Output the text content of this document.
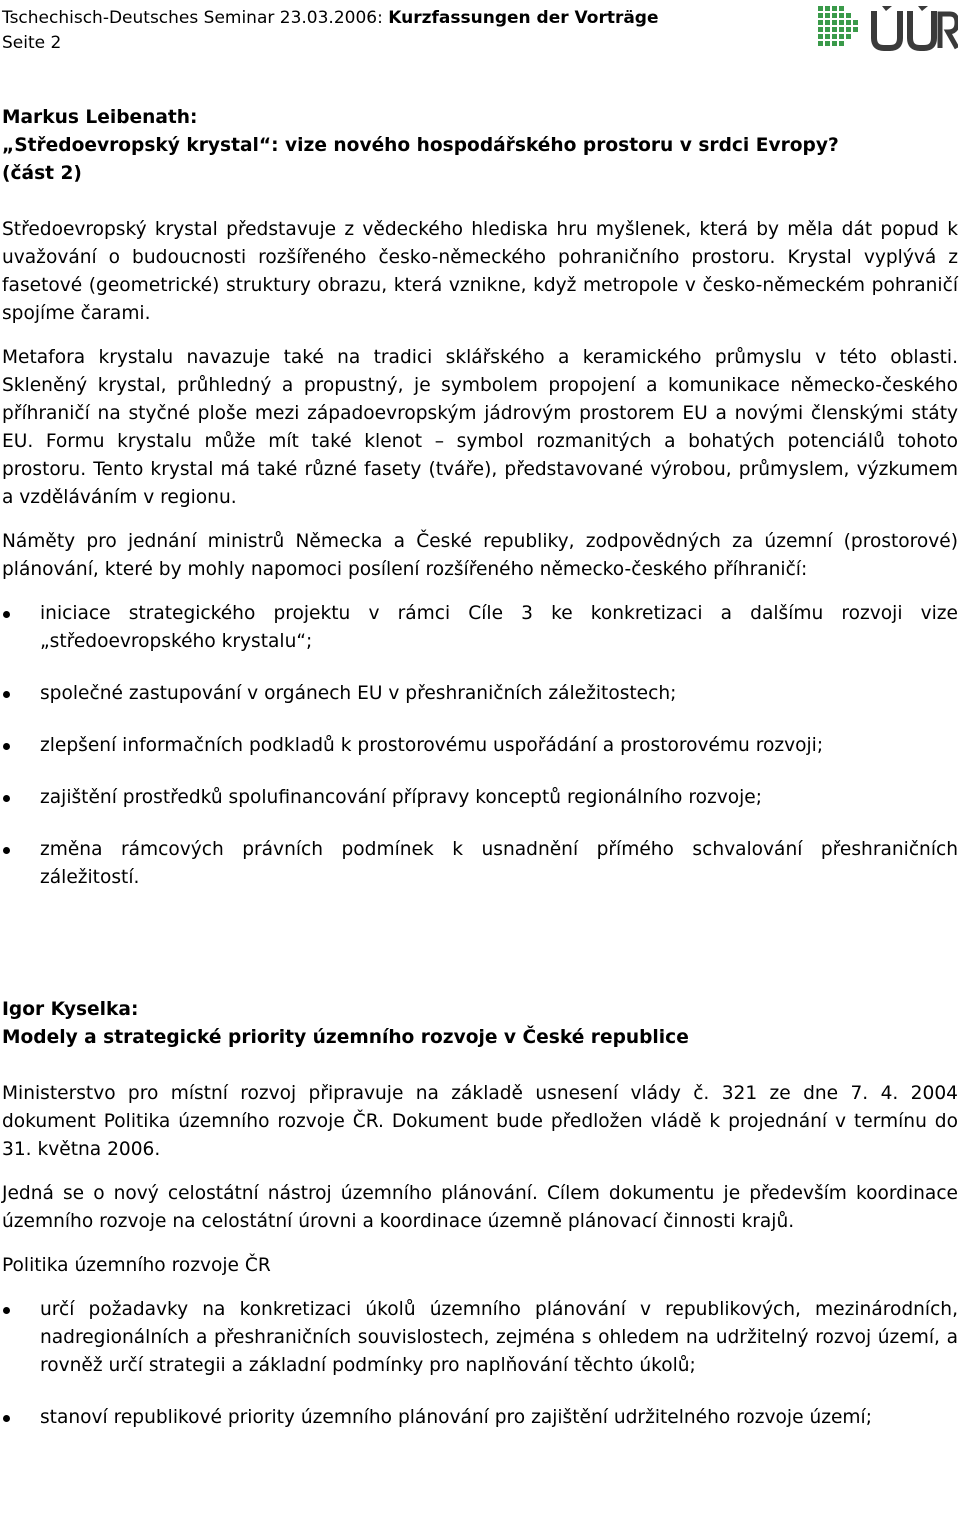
Tschechisch-Deutsches Seminar 23.03.2006: Kurzfassungen der Vorträge
Seite 2

Markus Leibenath:

„Středoevropský krystal“: vize nového hospodářského prostoru v srdci Evropy?

(část 2)

Středoevropský krystal představuje z vědeckého hlediska hru myšlenek, která by měla dát popud k uvažování o budoucnosti rozšířeného česko-německého pohraničního prostoru. Krystal vyplývá z fasetové (geometrické) struktury obrazu, která vznikne, když metropole v česko-německém pohraničí spojíme čarami.

Metafora krystalu navazuje také na tradici sklářského a keramického průmyslu v této oblasti. Skleněný krystal, průhledný a propustný, je symbolem propojení a komunikace německo-českého příhraničí na styčné ploše mezi západoevropským jádrovým prostorem EU a novými členskými státy EU. Formu krystalu může mít také klenot – symbol rozmanitých a bohatých potenciálů tohoto prostoru. Tento krystal má také různé fasety (tváře), představované výrobou, průmyslem, výzkumem a vzděláváním v regionu.

Náměty pro jednání ministrů Německa a České republiky, zodpovědných za územní (prostorové) plánování, které by mohly napomoci posílení rozšířeného německo-českého příhraničí:

iniciace strategického projektu v rámci Cíle 3 ke konkretizaci a dalšímu rozvoji vize „středoevropského krystalu“;
společné zastupování v orgánech EU v přeshraničních záležitostech;
zlepšení informačních podkladů k prostorovému uspořádání a prostorovému rozvoji;
zajištění prostředků spolufinancování přípravy konceptů regionálního rozvoje;
změna rámcových právních podmínek k usnadnění přímého schvalování přeshraničních záležitostí.

Igor Kyselka:

Modely a strategické priority územního rozvoje v České republice

Ministerstvo pro místní rozvoj připravuje na základě usnesení vlády č. 321 ze dne 7. 4. 2004 dokument Politika územního rozvoje ČR. Dokument bude předložen vládě k projednání v termínu do 31. května 2006.

Jedná se o nový celostátní nástroj územního plánování. Cílem dokumentu je především koordinace územního rozvoje na celostátní úrovni a koordinace územně plánovací činnosti krajů.

Politika územního rozvoje ČR

určí požadavky na konkretizaci úkolů územního plánování v republikových, mezinárodních, nadregionálních a přeshraničních souvislostech, zejména s ohledem na udržitelný rozvoj území, a rovněž určí strategii a základní podmínky pro naplňování těchto úkolů;
stanoví republikové priority územního plánování pro zajištění udržitelného rozvoje území;
